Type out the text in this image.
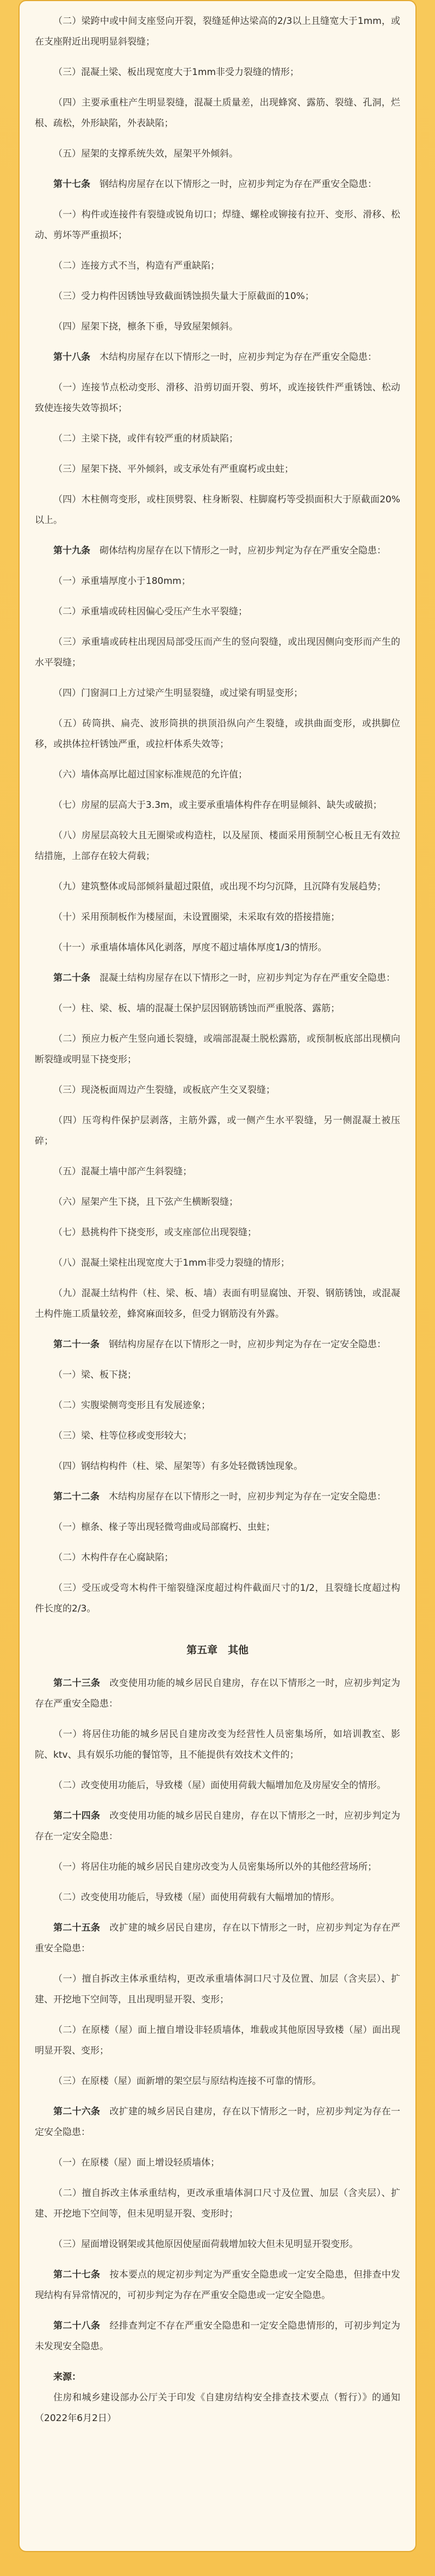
（二）梁跨中或中间支座竖向开裂，裂缝延伸达梁高的2/3以上且缝宽大于1mm，或在支座附近出现明显斜裂缝；

（三）混凝土梁、板出现宽度大于1mm非受力裂缝的情形；

（四）主要承重柱产生明显裂缝，混凝土质量差，出现蜂窝、露筋、裂缝、孔洞，烂根、疏松，外形缺陷，外表缺陷；

（五）屋架的支撑系统失效，屋架平外倾斜。

第十七条　 钢结构房屋存在以下情形之一时，应初步判定为存在严重安全隐患：

（一）构件或连接件有裂缝或锐角切口；焊缝、螺栓或铆接有拉开、变形、滑移、松动、剪坏等严重损坏；

（二）连接方式不当，构造有严重缺陷；

（三）受力构件因锈蚀导致截面锈蚀损失量大于原截面的10%；

（四）屋架下挠，檩条下垂，导致屋架倾斜。

第十八条　 木结构房屋存在以下情形之一时，应初步判定为存在严重安全隐患：

（一）连接节点松动变形、滑移、沿剪切面开裂、剪坏，或连接铁件严重锈蚀、松动致使连接失效等损坏；

（二）主梁下挠，或伴有较严重的材质缺陷；

（三）屋架下挠、平外倾斜，或支承处有严重腐朽或虫蛀；

（四）木柱侧弯变形，或柱顶劈裂、柱身断裂、柱脚腐朽等受损面积大于原截面20%以上。

第十九条　 砌体结构房屋存在以下情形之一时，应初步判定为存在严重安全隐患：

（一）承重墙厚度小于180mm；

（二）承重墙或砖柱因偏心受压产生水平裂缝；

（三）承重墙或砖柱出现因局部受压而产生的竖向裂缝，或出现因侧向变形而产生的水平裂缝；

（四）门窗洞口上方过梁产生明显裂缝，或过梁有明显变形；

（五）砖筒拱、扁壳、波形筒拱的拱顶沿纵向产生裂缝，或拱曲面变形，或拱脚位移，或拱体拉杆锈蚀严重，或拉杆体系失效等；

（六）墙体高厚比超过国家标准规范的允许值；

（七）房屋的层高大于3.3m，或主要承重墙体构件存在明显倾斜、缺失或破损；

（八）房屋层高较大且无圈梁或构造柱，以及屋顶、楼面采用预制空心板且无有效拉结措施，上部存在较大荷载；

（九）建筑整体或局部倾斜量超过限值，或出现不均匀沉降，且沉降有发展趋势；

（十）采用预制板作为楼屋面，未设置圈梁，未采取有效的搭接措施；

（十一）承重墙体墙体风化剥落，厚度不超过墙体厚度1/3的情形。

第二十条　 混凝土结构房屋存在以下情形之一时，应初步判定为存在严重安全隐患：

（一）柱、梁、板、墙的混凝土保护层因钢筋锈蚀而严重脱落、露筋；

（二）预应力板产生竖向通长裂缝，或端部混凝土脱松露筋，或预制板底部出现横向断裂缝或明显下挠变形；

（三）现浇板面周边产生裂缝，或板底产生交叉裂缝；

（四）压弯构件保护层剥落，主筋外露，或一侧产生水平裂缝，另一侧混凝土被压碎；

（五）混凝土墙中部产生斜裂缝；

（六）屋架产生下挠，且下弦产生横断裂缝；

（七）悬挑构件下挠变形，或支座部位出现裂缝；

（八）混凝土梁柱出现宽度大于1mm非受力裂缝的情形；

（九）混凝土结构件（柱、梁、板、墙）表面有明显腐蚀、开裂、钢筋锈蚀，或混凝土构件施工质量较差，蜂窝麻面较多，但受力钢筋没有外露。

第二十一条　 钢结构房屋存在以下情形之一时，应初步判定为存在一定安全隐患：

（一）梁、板下挠；

（二）实腹梁侧弯变形且有发展迹象；

（三）梁、柱等位移或变形较大；

（四）钢结构构件（柱、梁、屋架等）有多处轻微锈蚀现象。

第二十二条　 木结构房屋存在以下情形之一时，应初步判定为存在一定安全隐患：

（一）檩条、椽子等出现轻微弯曲或局部腐朽、虫蛀；

（二）木构件存在心腐缺陷；

（三）受压或受弯木构件干缩裂缝深度超过构件截面尺寸的1/2，且裂缝长度超过构件长度的2/3。

第五章　其他

第二十三条　 改变使用功能的城乡居民自建房，存在以下情形之一时，应初步判定为存在严重安全隐患：

（一）将居住功能的城乡居民自建房改变为经营性人员密集场所，如培训教室、影院、ktv、具有娱乐功能的餐馆等，且不能提供有效技术文件的；

（二）改变使用功能后，导致楼（屋）面使用荷载大幅增加危及房屋安全的情形。

第二十四条　 改变使用功能的城乡居民自建房，存在以下情形之一时，应初步判定为存在一定安全隐患：

（一）将居住功能的城乡居民自建房改变为人员密集场所以外的其他经营场所；

（二）改变使用功能后，导致楼（屋）面使用荷载有大幅增加的情形。

第二十五条　 改扩建的城乡居民自建房，存在以下情形之一时，应初步判定为存在严重安全隐患：

（一）擅自拆改主体承重结构，更改承重墙体洞口尺寸及位置、加层（含夹层）、扩建、开挖地下空间等，且出现明显开裂、变形；

（二）在原楼（屋）面上擅自增设非轻质墙体，堆载或其他原因导致楼（屋）面出现明显开裂、变形；

（三）在原楼（屋）面新增的架空层与原结构连接不可靠的情形。

第二十六条　 改扩建的城乡居民自建房，存在以下情形之一时，应初步判定为存在一定安全隐患：

（一）在原楼（屋）面上增设轻质墙体；

（二）擅自拆改主体承重结构，更改承重墙体洞口尺寸及位置、加层（含夹层）、扩建、开挖地下空间等，但未见明显开裂、变形时；

（三）屋面增设钢架或其他原因使屋面荷载增加较大但未见明显开裂变形。

第二十七条　 按本要点的规定初步判定为严重安全隐患或一定安全隐患，但排查中发现结构有异常情况的，可初步判定为存在严重安全隐患或一定安全隐患。

第二十八条　 经排查判定不存在严重安全隐患和一定安全隐患情形的，可初步判定为未发现安全隐患。

来源：

住房和城乡建设部办公厅关于印发《自建房结构安全排查技术要点（暂行）》的通知　（2022年6月2日）
